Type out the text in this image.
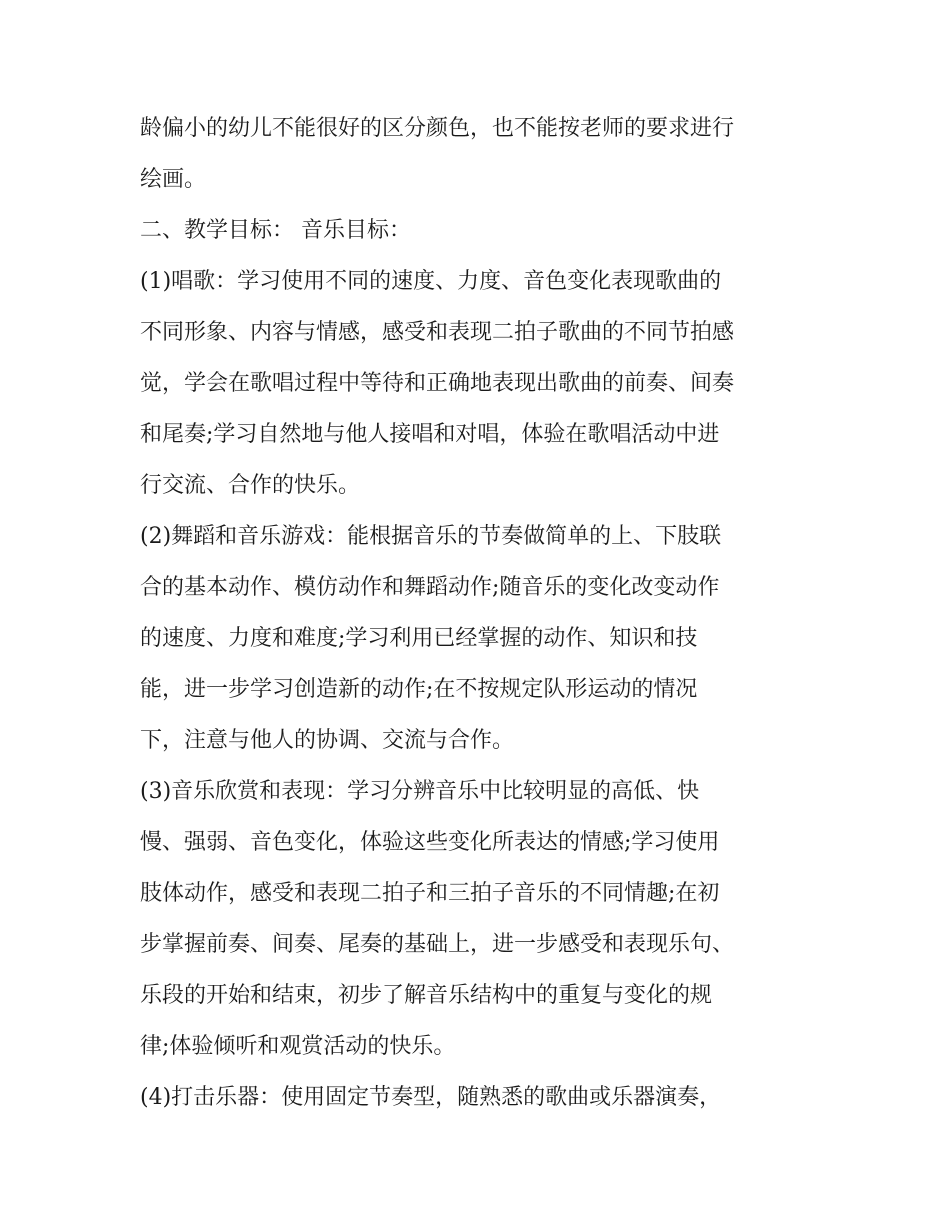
龄偏小的幼儿不能很好的区分颜色，也不能按老师的要求进行
绘画。
二、教学目标： 音乐目标：
(1)唱歌：学习使用不同的速度、力度、音色变化表现歌曲的
不同形象、内容与情感，感受和表现二拍子歌曲的不同节拍感
觉，学会在歌唱过程中等待和正确地表现出歌曲的前奏、间奏
和尾奏;学习自然地与他人接唱和对唱，体验在歌唱活动中进
行交流、合作的快乐。
(2)舞蹈和音乐游戏：能根据音乐的节奏做简单的上、下肢联
合的基本动作、模仿动作和舞蹈动作;随音乐的变化改变动作
的速度、力度和难度;学习利用已经掌握的动作、知识和技
能，进一步学习创造新的动作;在不按规定队形运动的情况
下，注意与他人的协调、交流与合作。
(3)音乐欣赏和表现：学习分辨音乐中比较明显的高低、快
慢、强弱、音色变化，体验这些变化所表达的情感;学习使用
肢体动作，感受和表现二拍子和三拍子音乐的不同情趣;在初
步掌握前奏、间奏、尾奏的基础上，进一步感受和表现乐句、
乐段的开始和结束，初步了解音乐结构中的重复与变化的规
律;体验倾听和观赏活动的快乐。
(4)打击乐器：使用固定节奏型，随熟悉的歌曲或乐器演奏，
